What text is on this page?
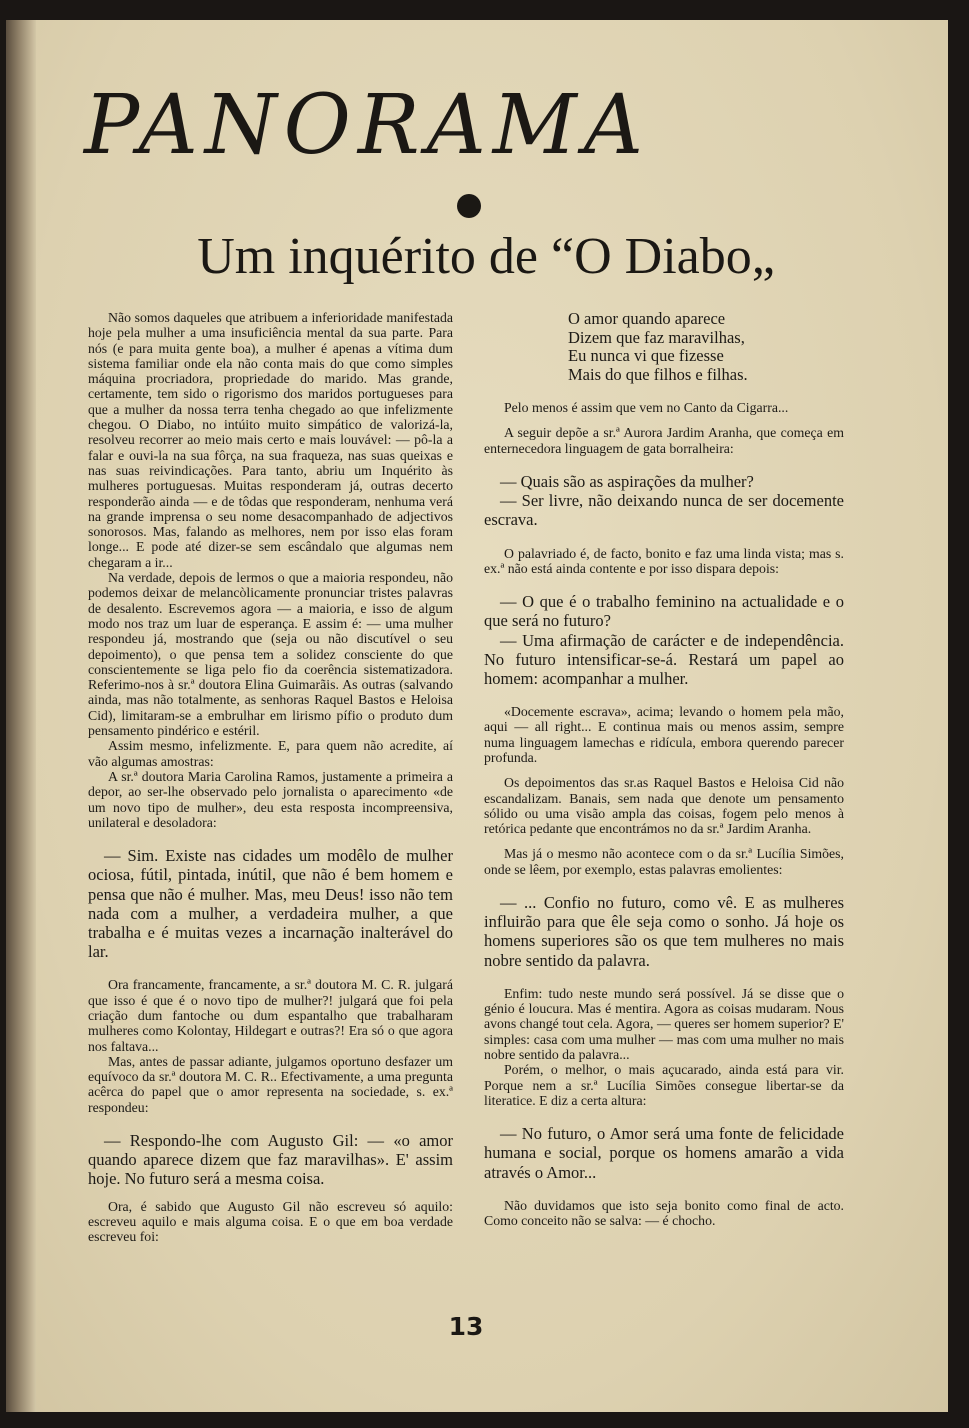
PANORAMA
Um inquérito de “O Diabo„

Não somos daqueles que atribuem a inferioridade manifestada hoje pela mulher a uma insuficiência mental da sua parte. Para nós (e para muita gente boa), a mulher é apenas a vítima dum sistema familiar onde ela não conta mais do que como simples máquina procriadora, propriedade do marido. Mas grande, certamente, tem sido o rigorismo dos maridos portugueses para que a mulher da nossa terra tenha chegado ao que infelizmente chegou. O Diabo, no intúito muito simpático de valorizá-la, resolveu recorrer ao meio mais certo e mais louvável: — pô-la a falar e ouvi-la na sua fôrça, na sua fraqueza, nas suas queixas e nas suas reivindicações. Para tanto, abriu um Inquérito às mulheres portuguesas. Muitas responderam já, outras decerto responderão ainda — e de tôdas que responderam, nenhuma verá na grande imprensa o seu nome desacompanhado de adjectivos sonorosos. Mas, falando as melhores, nem por isso elas foram longe... E pode até dizer-se sem escândalo que algumas nem chegaram a ir...

Na verdade, depois de lermos o que a maioria respondeu, não podemos deixar de melancòlicamente pronunciar tristes palavras de desalento. Escrevemos agora — a maioria, e isso de algum modo nos traz um luar de esperança. E assim é: — uma mulher respondeu já, mostrando que (seja ou não discutível o seu depoimento), o que pensa tem a solidez consciente do que conscientemente se liga pelo fio da coerência sistematizadora. Referimo-nos à sr.ª doutora Elina Guimarãis. As outras (salvando ainda, mas não totalmente, as senhoras Raquel Bastos e Heloisa Cid), limitaram-se a embrulhar em lirismo pífio o produto dum pensamento pindérico e estéril.

Assim mesmo, infelizmente. E, para quem não acredite, aí vão algumas amostras:

A sr.ª doutora Maria Carolina Ramos, justamente a primeira a depor, ao ser-lhe observado pelo jornalista o aparecimento «de um novo tipo de mulher», deu esta resposta incompreensiva, unilateral e desoladora:

— Sim. Existe nas cidades um modêlo de mulher ociosa, fútil, pintada, inútil, que não é bem homem e pensa que não é mulher. Mas, meu Deus! isso não tem nada com a mulher, a verdadeira mulher, a que trabalha e é muitas vezes a incarnação inalterável do lar.

Ora francamente, francamente, a sr.ª doutora M. C. R. julgará que isso é que é o novo tipo de mulher?! julgará que foi pela criação dum fantoche ou dum espantalho que trabalharam mulheres como Kolontay, Hildegart e outras?! Era só o que agora nos faltava...

Mas, antes de passar adiante, julgamos oportuno desfazer um equívoco da sr.ª doutora M. C. R.. Efectivamente, a uma pregunta acêrca do papel que o amor representa na sociedade, s. ex.ª respondeu:

— Respondo-lhe com Augusto Gil: — «o amor quando aparece dizem que faz maravilhas». E' assim hoje. No futuro será a mesma coisa.

Ora, é sabido que Augusto Gil não escreveu só aquilo: escreveu aquilo e mais alguma coisa. E o que em boa verdade escreveu foi:

O amor quando aparece

Dizem que faz maravilhas,

Eu nunca vi que fizesse

Mais do que filhos e filhas.

Pelo menos é assim que vem no Canto da Cigarra...

A seguir depõe a sr.ª Aurora Jardim Aranha, que começa em enternecedora linguagem de gata borralheira:

— Quais são as aspirações da mulher?

— Ser livre, não deixando nunca de ser docemente escrava.

O palavriado é, de facto, bonito e faz uma linda vista; mas s. ex.ª não está ainda contente e por isso dispara depois:

— O que é o trabalho feminino na actualidade e o que será no futuro?

— Uma afirmação de carácter e de independência. No futuro intensificar-se-á. Restará um papel ao homem: acompanhar a mulher.

«Docemente escrava», acima; levando o homem pela mão, aqui — all right... E continua mais ou menos assim, sempre numa linguagem lamechas e ridícula, embora querendo parecer profunda.

Os depoimentos das sr.as Raquel Bastos e Heloisa Cid não escandalizam. Banais, sem nada que denote um pensamento sólido ou uma visão ampla das coisas, fogem pelo menos à retórica pedante que encontrámos no da sr.ª Jardim Aranha.

Mas já o mesmo não acontece com o da sr.ª Lucília Simões, onde se lêem, por exemplo, estas palavras emolientes:

— ... Confio no futuro, como vê. E as mulheres influirão para que êle seja como o sonho. Já hoje os homens superiores são os que tem mulheres no mais nobre sentido da palavra.

Enfim: tudo neste mundo será possível. Já se disse que o génio é loucura. Mas é mentira. Agora as coisas mudaram. Nous avons changé tout cela. Agora, — queres ser homem superior? E' simples: casa com uma mulher — mas com uma mulher no mais nobre sentido da palavra...

Porém, o melhor, o mais açucarado, ainda está para vir. Porque nem a sr.ª Lucília Simões consegue libertar-se da literatice. E diz a certa altura:

— No futuro, o Amor será uma fonte de felicidade humana e social, porque os homens amarão a vida através o Amor...

Não duvidamos que isto seja bonito como final de acto. Como conceito não se salva: — é chocho.

13
